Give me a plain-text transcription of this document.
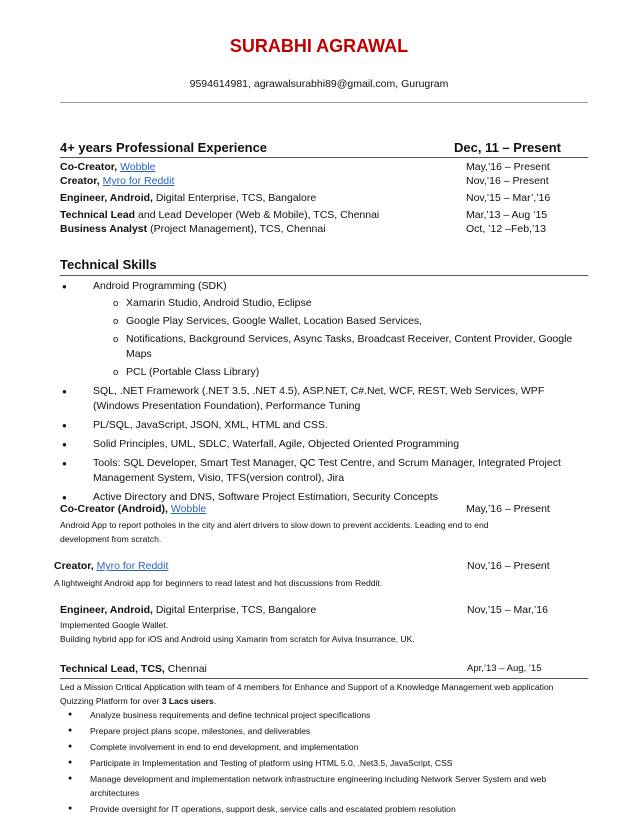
SURABHI AGRAWAL
9594614981, agrawalsurabhi89@gmail.com, Gurugram
4+ years Professional Experience	Dec, 11 – Present
Co-Creator, Wobble	May,’16 – Present
Creator, Myro for Reddit	Nov,’16 – Present
Engineer, Android, Digital Enterprise, TCS, Bangalore	Nov,’15 – Mar’,’16
Technical Lead and Lead Developer (Web & Mobile), TCS, Chennai	Mar,’13 – Aug ’15
Business Analyst (Project Management), TCS, Chennai	Oct, ’12 –Feb,’13
Technical Skills
● Android Programming (SDK)
o Xamarin Studio, Android Studio, Eclipse
o Google Play Services, Google Wallet, Location Based Services,
o Notifications, Background Services, Async Tasks, Broadcast Receiver, Content Provider, Google Maps
o PCL (Portable Class Library)
● SQL, .NET Framework (.NET 3.5, .NET 4.5), ASP.NET, C#.Net, WCF, REST, Web Services, WPF (Windows Presentation Foundation), Performance Tuning
● PL/SQL, JavaScript, JSON, XML, HTML and CSS.
● Solid Principles, UML, SDLC, Waterfall, Agile, Objected Oriented Programming
● Tools: SQL Developer, Smart Test Manager, QC Test Centre, and Scrum Manager, Integrated Project Management System, Visio, TFS(version control), Jira
● Active Directory and DNS, Software Project Estimation, Security Concepts
Co-Creator (Android), Wobble	May,’16 – Present
Android App to report potholes in the city and alert drivers to slow down to prevent accidents. Leading end to end development from scratch.
Creator, Myro for Reddit	Nov,’16 – Present
A lightweight Android app for beginners to read latest and hot discussions from Reddit.
Engineer, Android, Digital Enterprise, TCS, Bangalore	Nov,’15 – Mar,’16
Implemented Google Wallet.
Building hybrid app for iOS and Android using Xamarin from scratch for Aviva Insurrance, UK.
Technical Lead, TCS, Chennai	Apr,’13 – Aug, ’15
Led a Mission Critical Application with team of 4 members for Enhance and Support of a Knowledge Management web application Quizzing Platform for over 3 Lacs users.
● Analyze business requirements and define technical project specifications
● Prepare project plans scope, milestones, and deliverables
● Complete involvement in end to end development, and implementation
● Participate in Implementation and Testing of platform using HTML 5.0, .Net3.5, JavaScript, CSS
● Manage development and implementation network infrastructure engineering including Network Server System and web architectures
● Provide oversight for IT operations, support desk, service calls and escalated problem resolution
